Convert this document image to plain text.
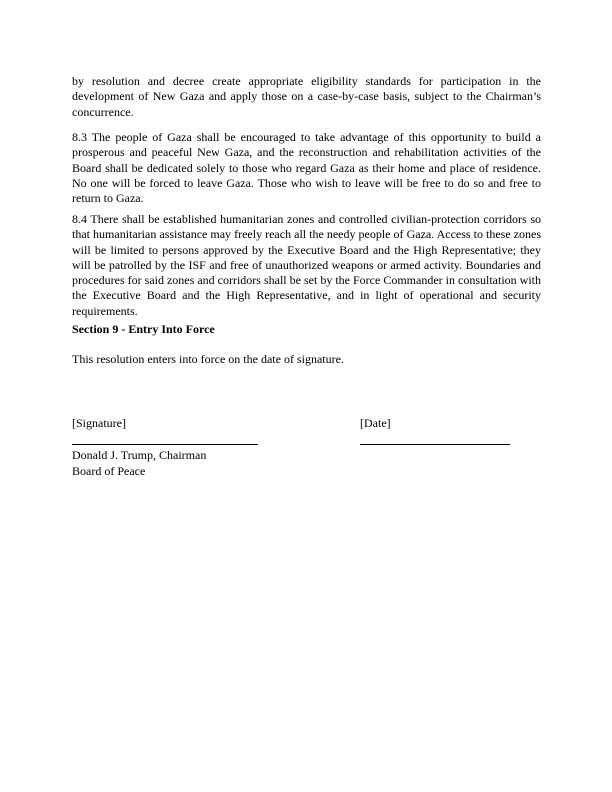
by resolution and decree create appropriate eligibility standards for participation in the development of New Gaza and apply those on a case-by-case basis, subject to the Chairman’s concurrence.

8.3 The people of Gaza shall be encouraged to take advantage of this opportunity to build a prosperous and peaceful New Gaza, and the reconstruction and rehabilitation activities of the Board shall be dedicated solely to those who regard Gaza as their home and place of residence. No one will be forced to leave Gaza. Those who wish to leave will be free to do so and free to return to Gaza.

8.4 There shall be established humanitarian zones and controlled civilian-protection corridors so that humanitarian assistance may freely reach all the needy people of Gaza. Access to these zones will be limited to persons approved by the Executive Board and the High Representative; they will be patrolled by the ISF and free of unauthorized weapons or armed activity. Boundaries and procedures for said zones and corridors shall be set by the Force Commander in consultation with the Executive Board and the High Representative, and in light of operational and security requirements.

Section 9 - Entry Into Force

This resolution enters into force on the date of signature.

[Signature]	[Date]
Donald J. Trump, Chairman
Board of Peace
